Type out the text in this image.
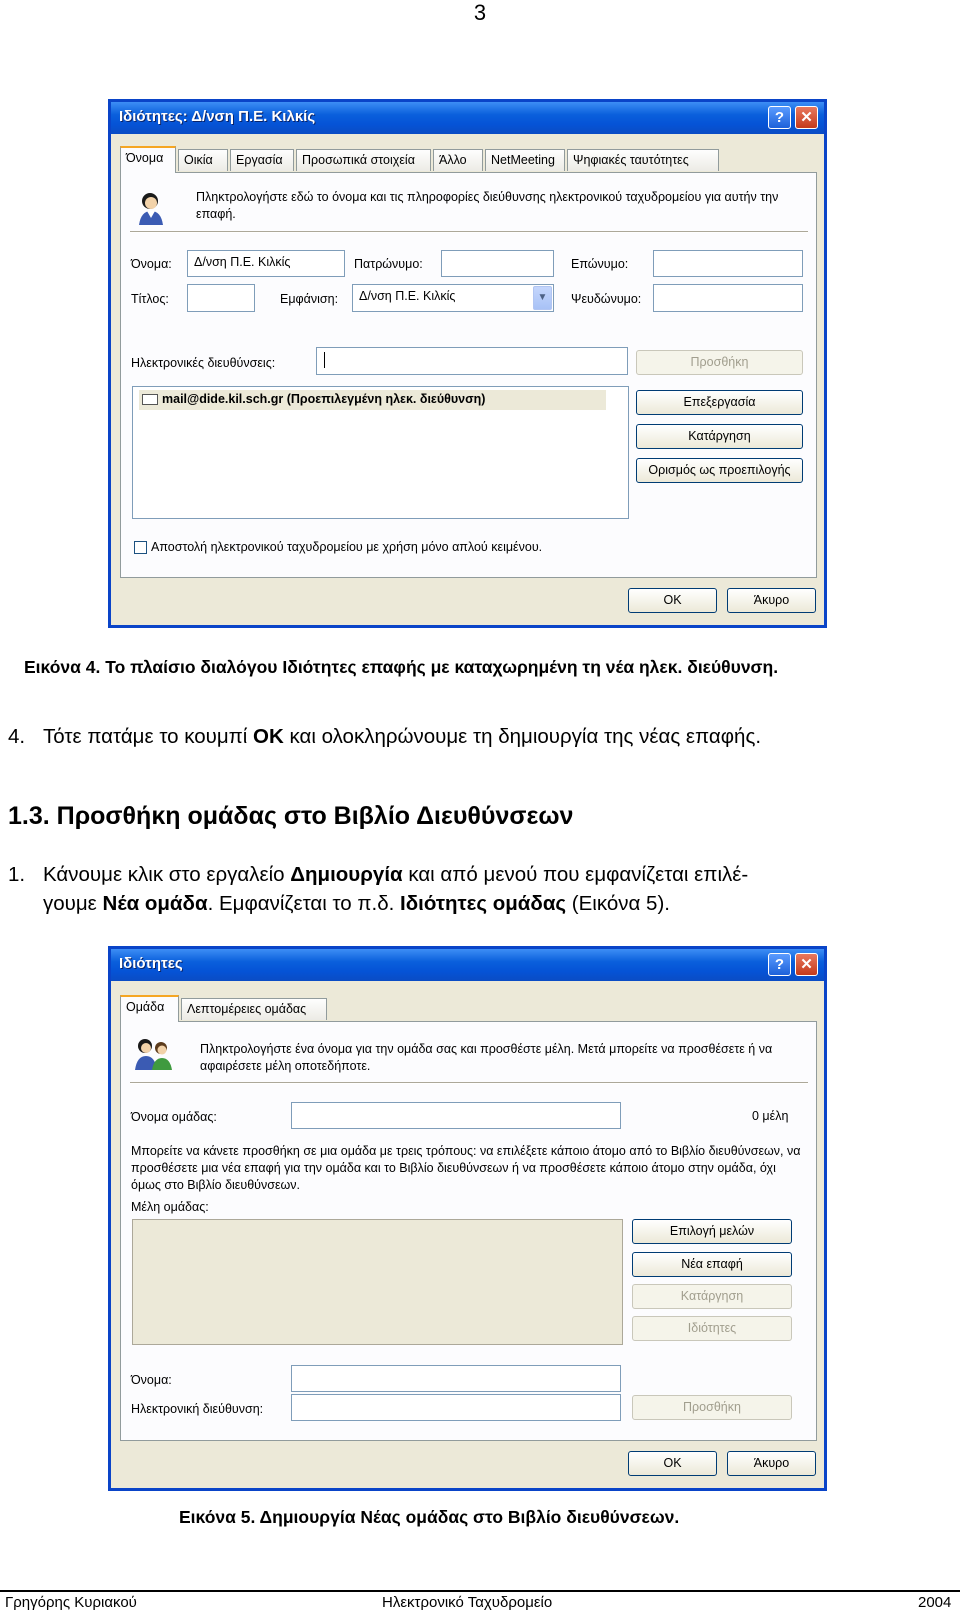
3
Ιδιότητες: Δ/νση Π.Ε. Κιλκίς	?	✕
Όνομα	Οικία	Εργασία	Προσωπικά στοιχεία	Άλλο	NetMeeting	Ψηφιακές ταυτότητες
Πληκτρολογήστε εδώ το όνομα και τις πληροφορίες διεύθυνσης ηλεκτρονικού ταχυδρομείου για αυτήν την επαφή.
Όνομα:	Δ/νση Π.Ε. Κιλκίς	Πατρώνυμο:	Επώνυμο:
Τίτλος:	Εμφάνιση:	Δ/νση Π.Ε. Κιλκίς	▼	Ψευδώνυμο:
Ηλεκτρονικές διευθύνσεις:	Προσθήκη
mail@dide.kil.sch.gr (Προεπιλεγμένη ηλεκ. διεύθυνση)	Επεξεργασία
Κατάργηση
Ορισμός ως προεπιλογής
Αποστολή ηλεκτρονικού ταχυδρομείου με χρήση μόνο απλού κειμένου.
OK	Άκυρο
Εικόνα 4. Το πλαίσιο διαλόγου Ιδιότητες επαφής με καταχωρημένη τη νέα ηλεκ. διεύθυνση.
4. Τότε πατάμε το κουμπί OK και ολοκληρώνουμε τη δημιουργία της νέας επαφής.
1.3. Προσθήκη ομάδας στο Βιβλίο Διευθύνσεων
1. Κάνουμε κλικ στο εργαλείο Δημιουργία και από μενού που εμφανίζεται επιλέ-
γουμε Νέα ομάδα. Εμφανίζεται το π.δ. Ιδιότητες ομάδας (Εικόνα 5).
Ιδιότητες	?	✕
Ομάδα	Λεπτομέρειες ομάδας
Πληκτρολογήστε ένα όνομα για την ομάδα σας και προσθέστε μέλη. Μετά μπορείτε να προσθέσετε ή να αφαιρέσετε μέλη οποτεδήποτε.
Όνομα ομάδας:	0 μέλη
Μπορείτε να κάνετε προσθήκη σε μια ομάδα με τρεις τρόπους: να επιλέξετε κάποιο άτομο από το Βιβλίο διευθύνσεων, να προσθέσετε μια νέα επαφή για την ομάδα και το Βιβλίο διευθύνσεων ή να προσθέσετε κάποιο άτομο στην ομάδα, όχι όμως στο Βιβλίο διευθύνσεων.
Μέλη ομάδας:
Επιλογή μελών
Νέα επαφή
Κατάργηση
Ιδιότητες
Όνομα:
Ηλεκτρονική διεύθυνση:	Προσθήκη
OK	Άκυρο
Εικόνα 5. Δημιουργία Νέας ομάδας στο Βιβλίο διευθύνσεων.
Γρηγόρης Κυριακού	Ηλεκτρονικό Ταχυδρομείο	2004
